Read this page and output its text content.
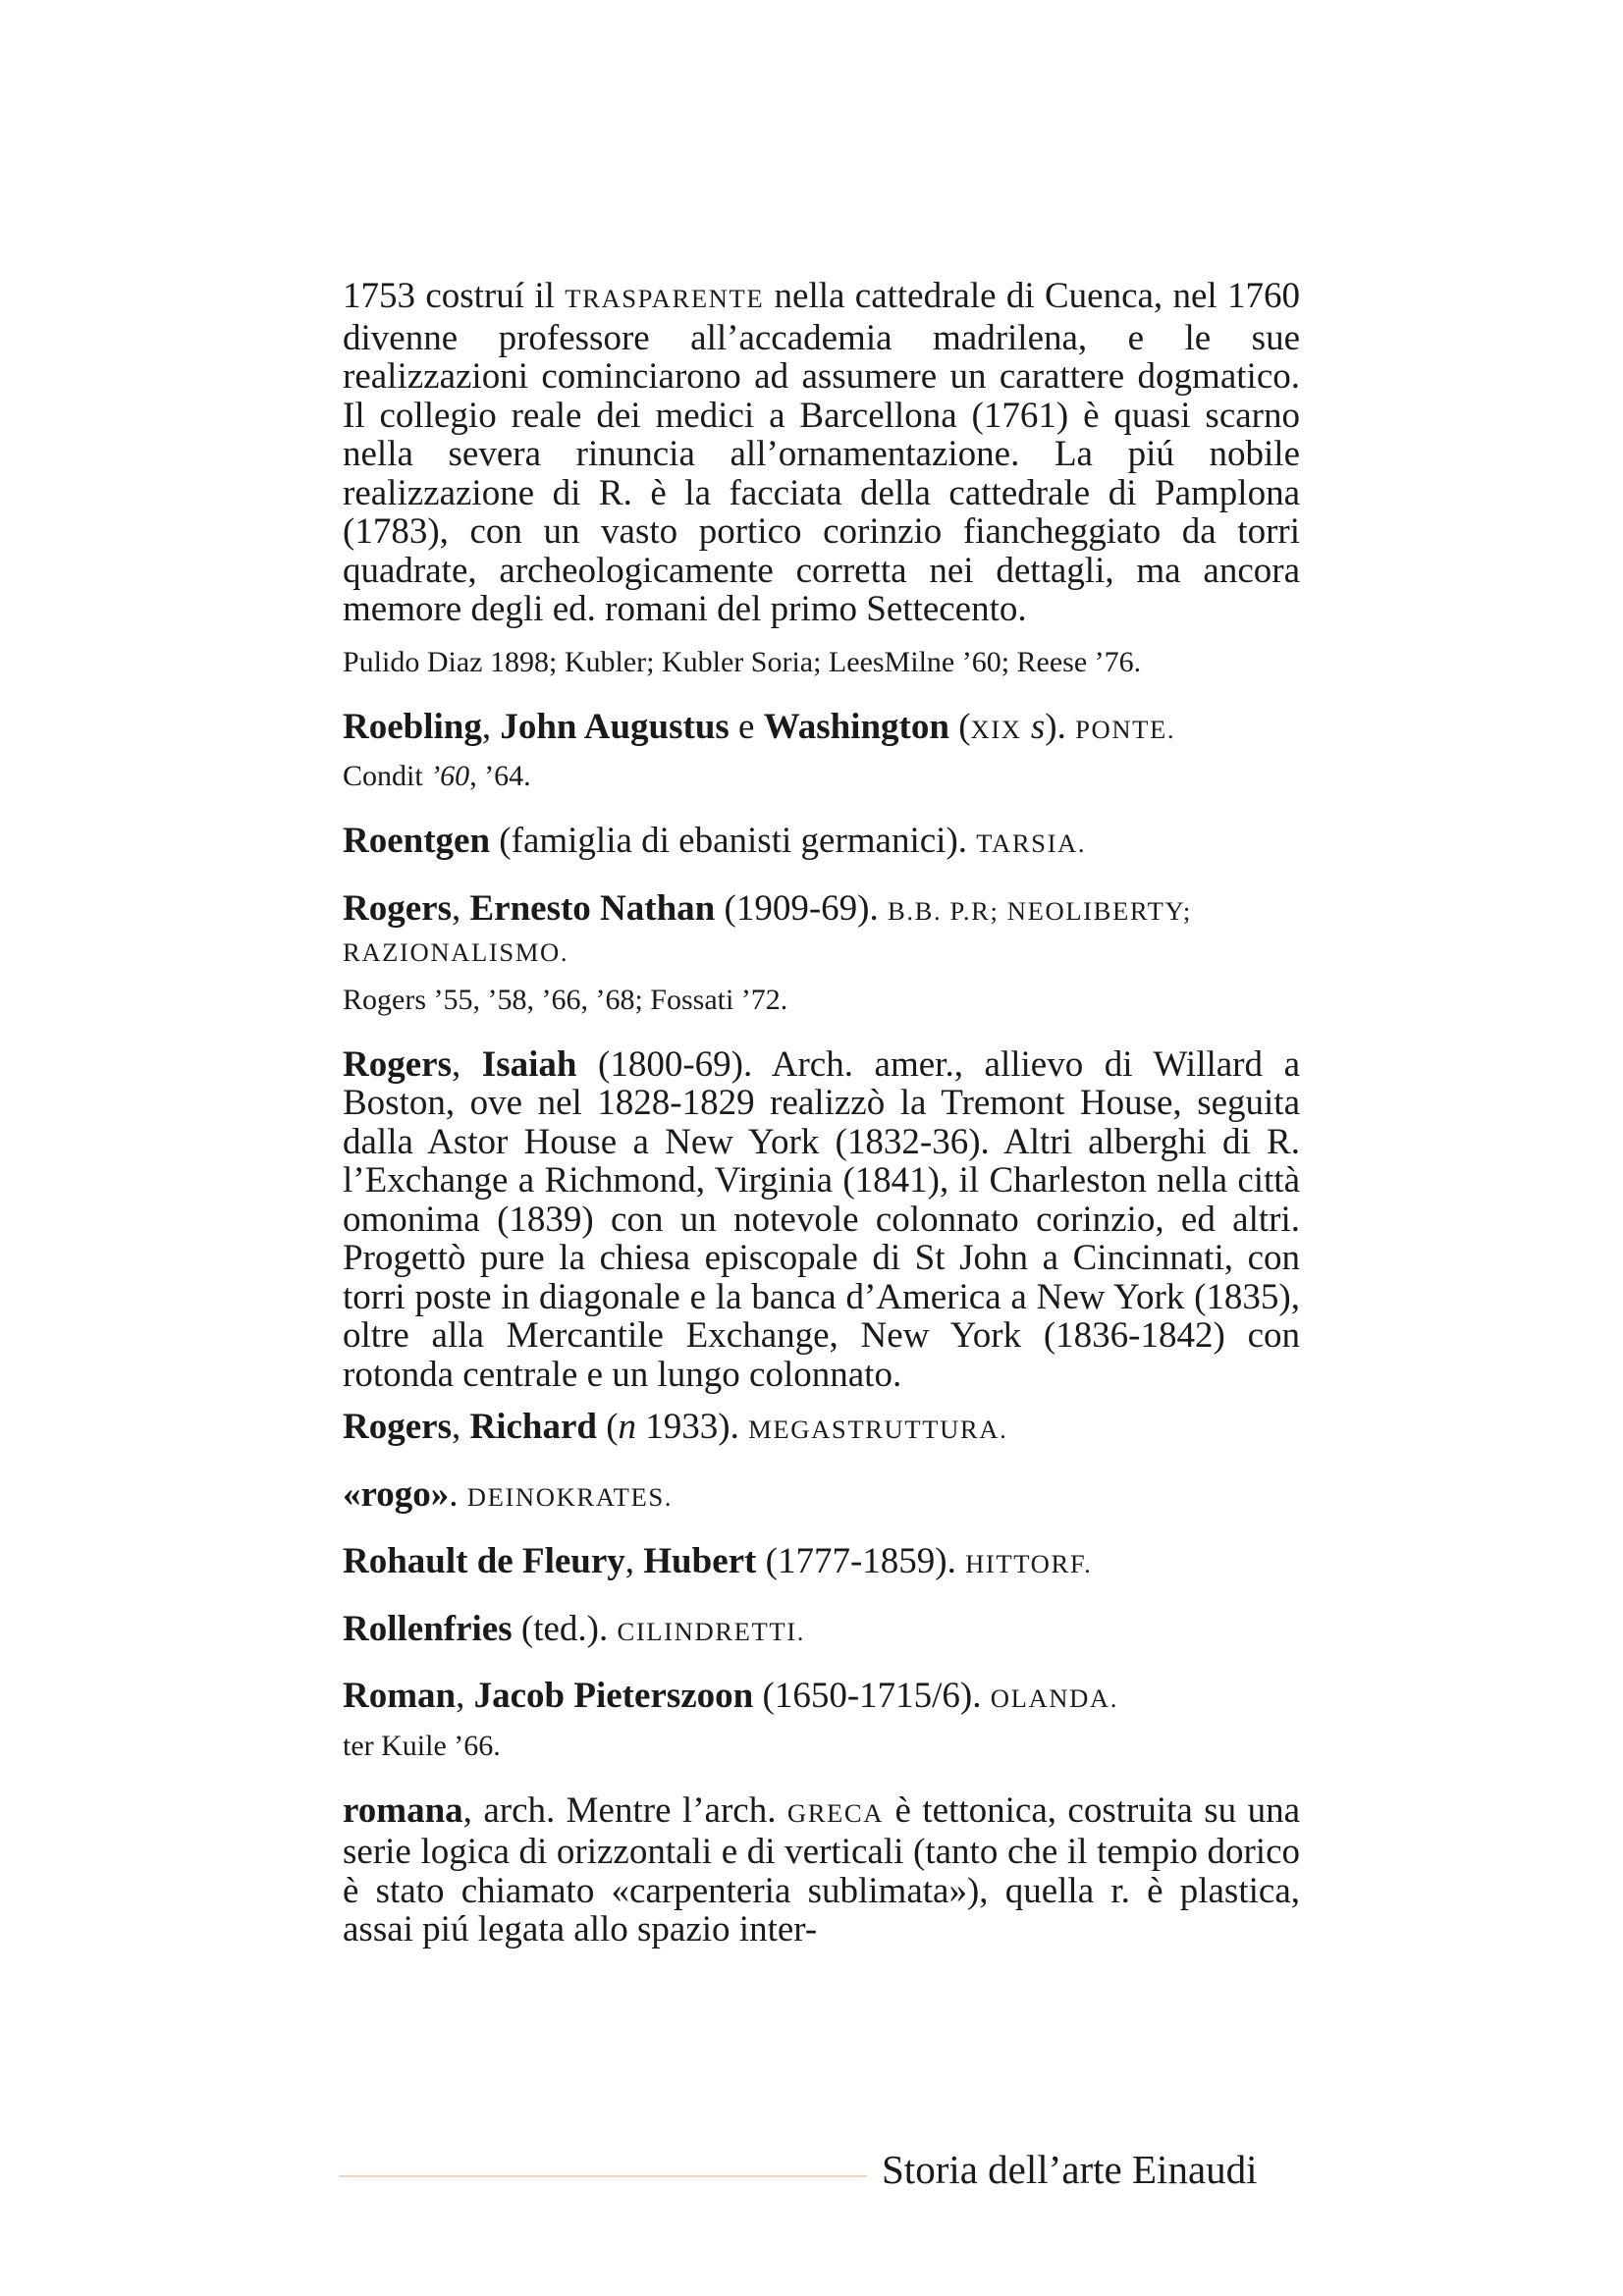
1753 costruí il TRASPARENTE nella cattedrale di Cuenca, nel 1760 divenne professore all’accademia madrilena, e le sue realizzazioni cominciarono ad assumere un carattere dogmatico. Il collegio reale dei medici a Barcellona (1761) è quasi scarno nella severa rinuncia all’ornamentazione. La piú nobile realizzazione di R. è la facciata della cattedrale di Pamplona (1783), con un vasto portico corinzio fiancheggiato da torri quadrate, archeologicamente corretta nei dettagli, ma ancora memore degli ed. romani del primo Settecento.

Pulido Diaz 1898; Kubler; Kubler Soria; LeesMilne ’60; Reese ’76.

Roebling, John Augustus e Washington (XIX s). PONTE.

Condit ’60, ’64.

Roentgen (famiglia di ebanisti germanici). TARSIA.

Rogers, Ernesto Nathan (1909-69). B.B. P.R; NEOLIBERTY; RAZIONALISMO.

Rogers ’55, ’58, ’66, ’68; Fossati ’72.

Rogers, Isaiah (1800-69). Arch. amer., allievo di Willard a Boston, ove nel 1828-1829 realizzò la Tremont House, seguita dalla Astor House a New York (1832-36). Altri alberghi di R. l’Exchange a Richmond, Virginia (1841), il Charleston nella città omonima (1839) con un notevole colonnato corinzio, ed altri. Progettò pure la chiesa episcopale di St John a Cincinnati, con torri poste in diagonale e la banca d’America a New York (1835), oltre alla Mercantile Exchange, New York (1836-1842) con rotonda centrale e un lungo colonnato.

Rogers, Richard (n 1933). MEGASTRUTTURA.

«rogo». DEINOKRATES.

Rohault de Fleury, Hubert (1777-1859). HITTORF.

Rollenfries (ted.). CILINDRETTI.

Roman, Jacob Pieterszoon (1650-1715/6). OLANDA.

ter Kuile ’66.

romana, arch. Mentre l’arch. GRECA è tettonica, costruita su una serie logica di orizzontali e di verticali (tanto che il tempio dorico è stato chiamato «carpenteria sublimata»), quella r. è plastica, assai piú legata allo spazio inter-

Storia dell’arte Einaudi
